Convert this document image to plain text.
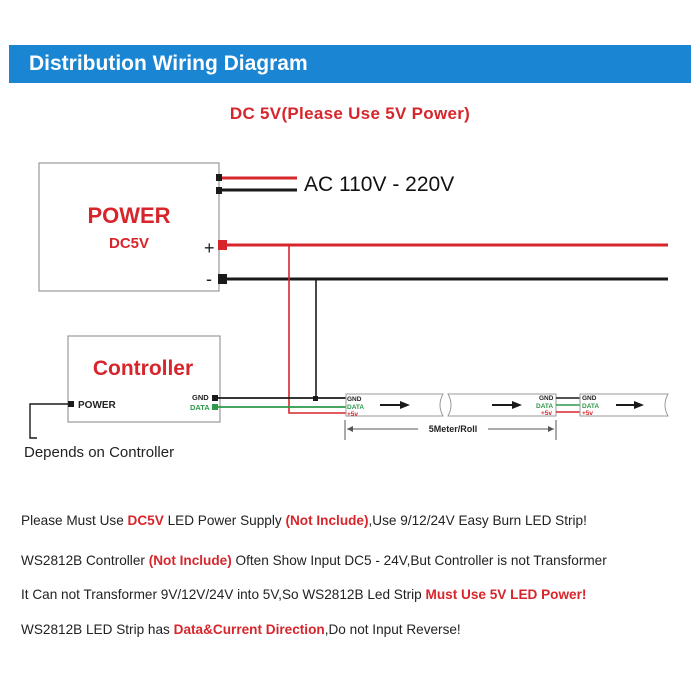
Distribution Wiring Diagram
DC 5V(Please Use 5V Power)
POWER
DC5V	+
-
AC 110V - 220V
Controller
POWER
GND
DATA
Depends on Controller
GND
DATA
+5v
GND
DATA
+5v
GND
DATA
+5v
5Meter/Roll
Please Must Use DC5V LED Power Supply (Not Include),Use 9/12/24V Easy Burn LED Strip!
WS2812B Controller (Not Include) Often Show Input DC5 - 24V,But Controller is not Transformer
It Can not Transformer 9V/12V/24V into 5V,So WS2812B Led Strip Must Use 5V LED Power!
WS2812B LED Strip has Data&Current Direction,Do not Input Reverse!
